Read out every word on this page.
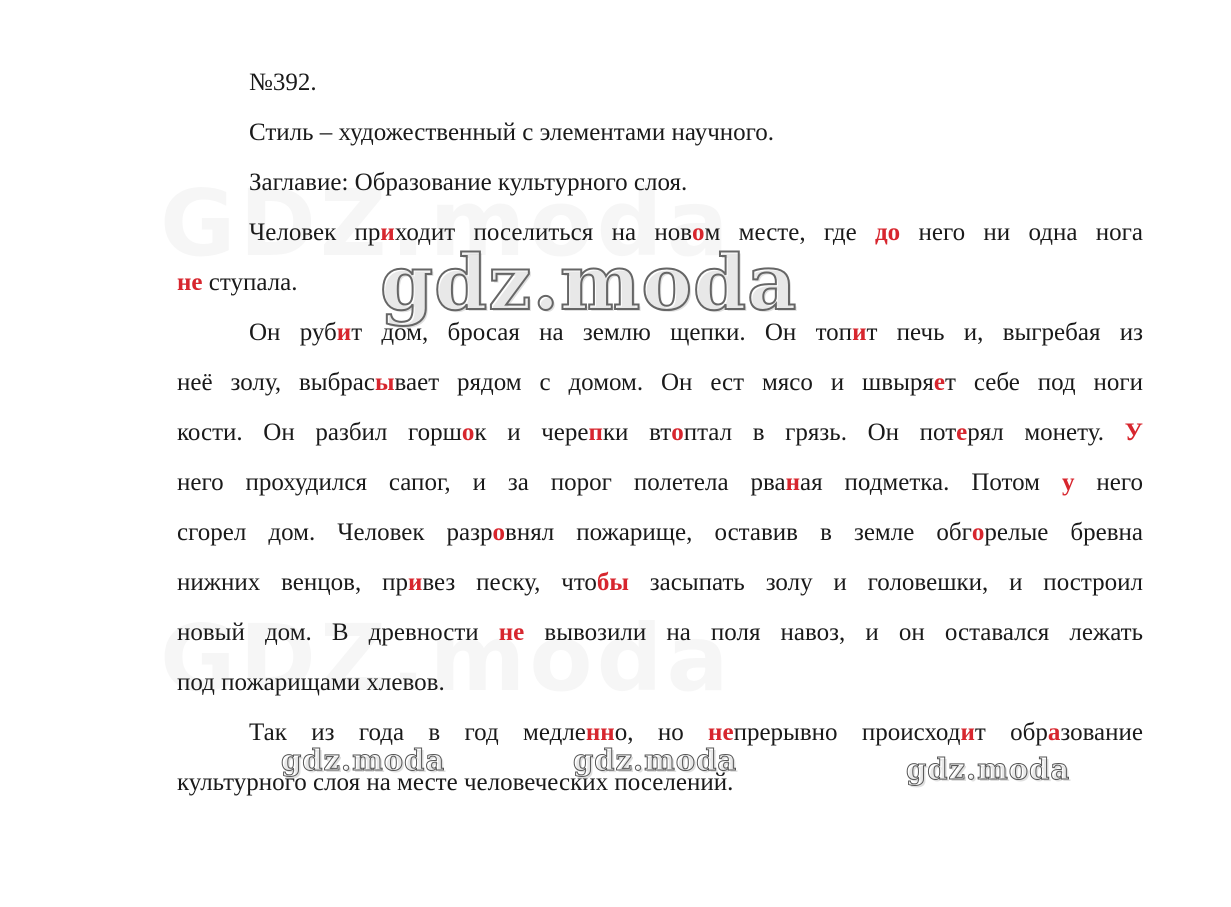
№392.
Стиль – художественный с элементами научного.
Заглавие: Образование культурного слоя.
Человек приходит поселиться на новом месте, где до него ни одна нога
не ступала.
Он рубит дом, бросая на землю щепки. Он топит печь и, выгребая из
неё золу, выбрасывает рядом с домом. Он ест мясо и швыряет себе под ноги
кости. Он разбил горшок и черепки втоптал в грязь. Он потерял монету. У
него прохудился сапог, и за порог полетела рваная подметка. Потом у него
сгорел дом. Человек разровнял пожарище, оставив в земле обгорелые бревна
нижних венцов, привез песку, чтобы засыпать золу и головешки, и построил
новый дом. В древности не вывозили на поля навоз, и он оставался лежать
под пожарищами хлевов.
Так из года в год медленно, но непрерывно происходит образование
культурного слоя на месте человеческих поселений.
gdz.moda
gdz.moda	gdz.moda	gdz.moda
